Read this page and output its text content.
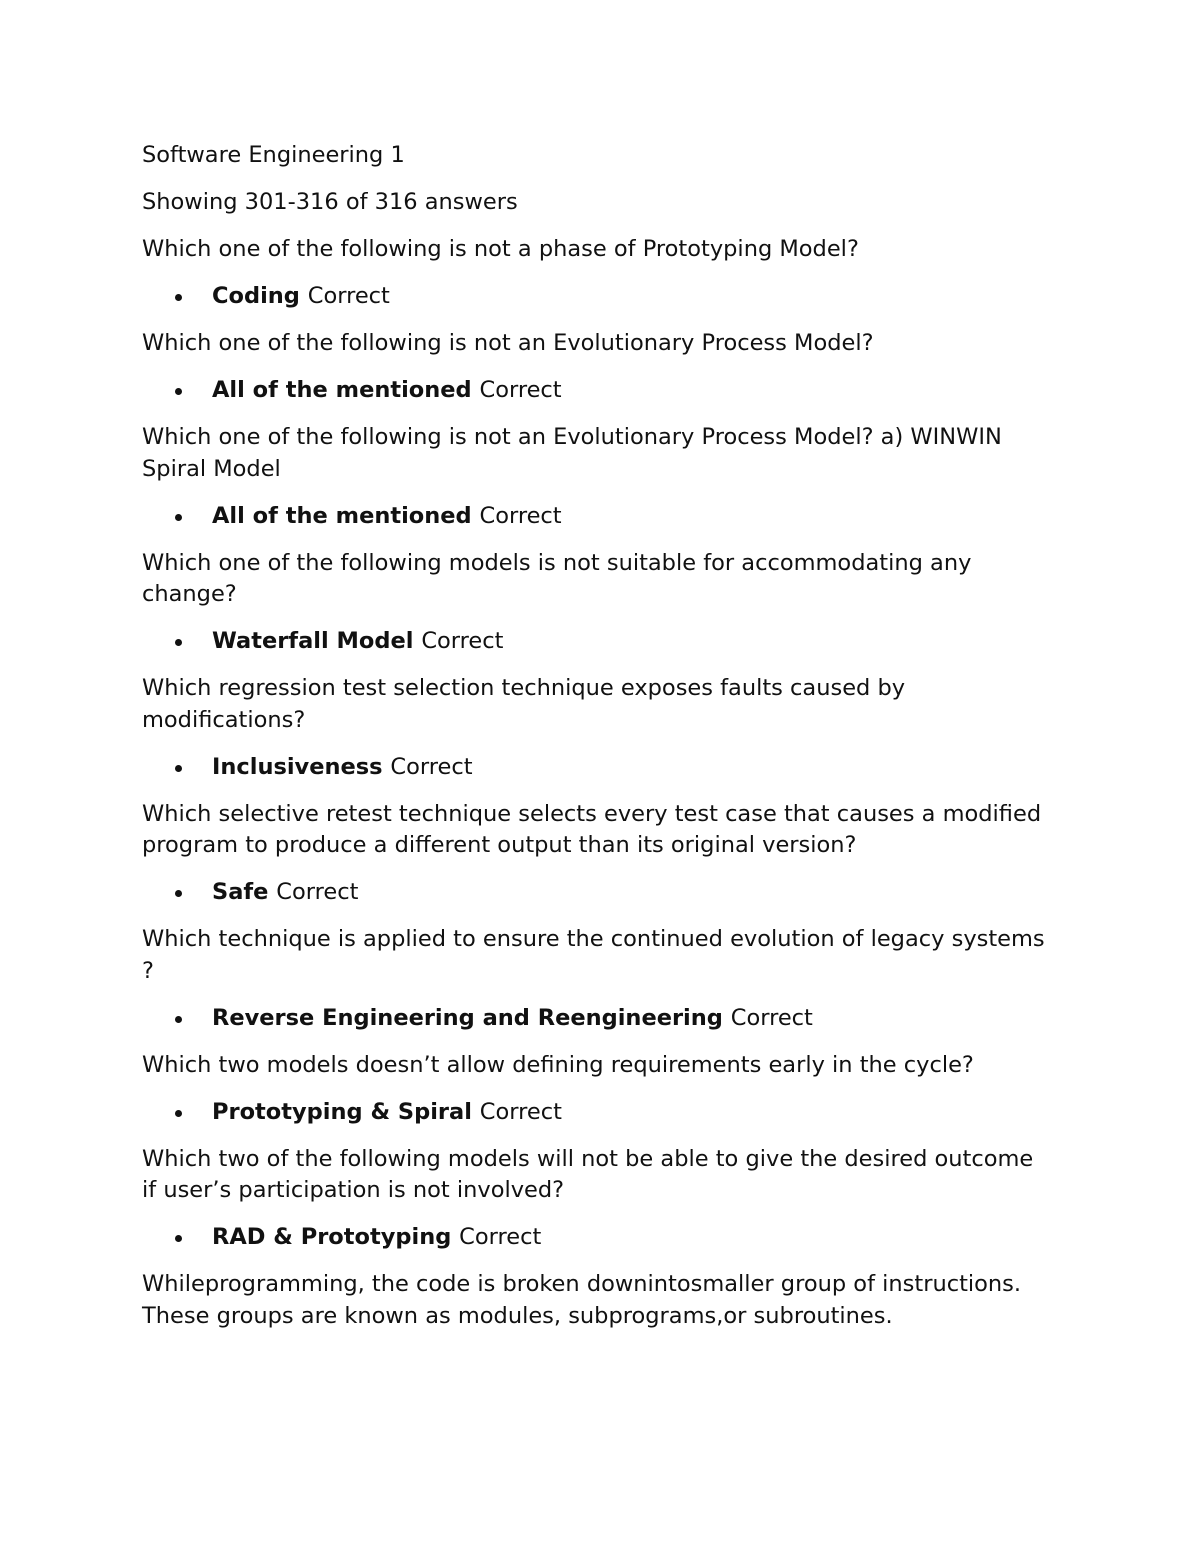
Software Engineering 1

Showing 301-316 of 316 answers

Which one of the following is not a phase of Prototyping Model?

Coding Correct

Which one of the following is not an Evolutionary Process Model?

All of the mentioned Correct

Which one of the following is not an Evolutionary Process Model? a) WINWIN Spiral Model

All of the mentioned Correct

Which one of the following models is not suitable for accommodating any change?

Waterfall Model Correct

Which regression test selection technique exposes faults caused by modifications?

Inclusiveness Correct

Which selective retest technique selects every test case that causes a modified program to produce a different output than its original version?

Safe Correct

Which technique is applied to ensure the continued evolution of legacy systems ?

Reverse Engineering and Reengineering Correct

Which two models doesn’t allow defining requirements early in the cycle?

Prototyping & Spiral Correct

Which two of the following models will not be able to give the desired outcome if user’s participation is not involved?

RAD & Prototyping Correct

Whileprogramming, the code is broken downintosmaller group of instructions. These groups are known as modules, subprograms,or subroutines.
